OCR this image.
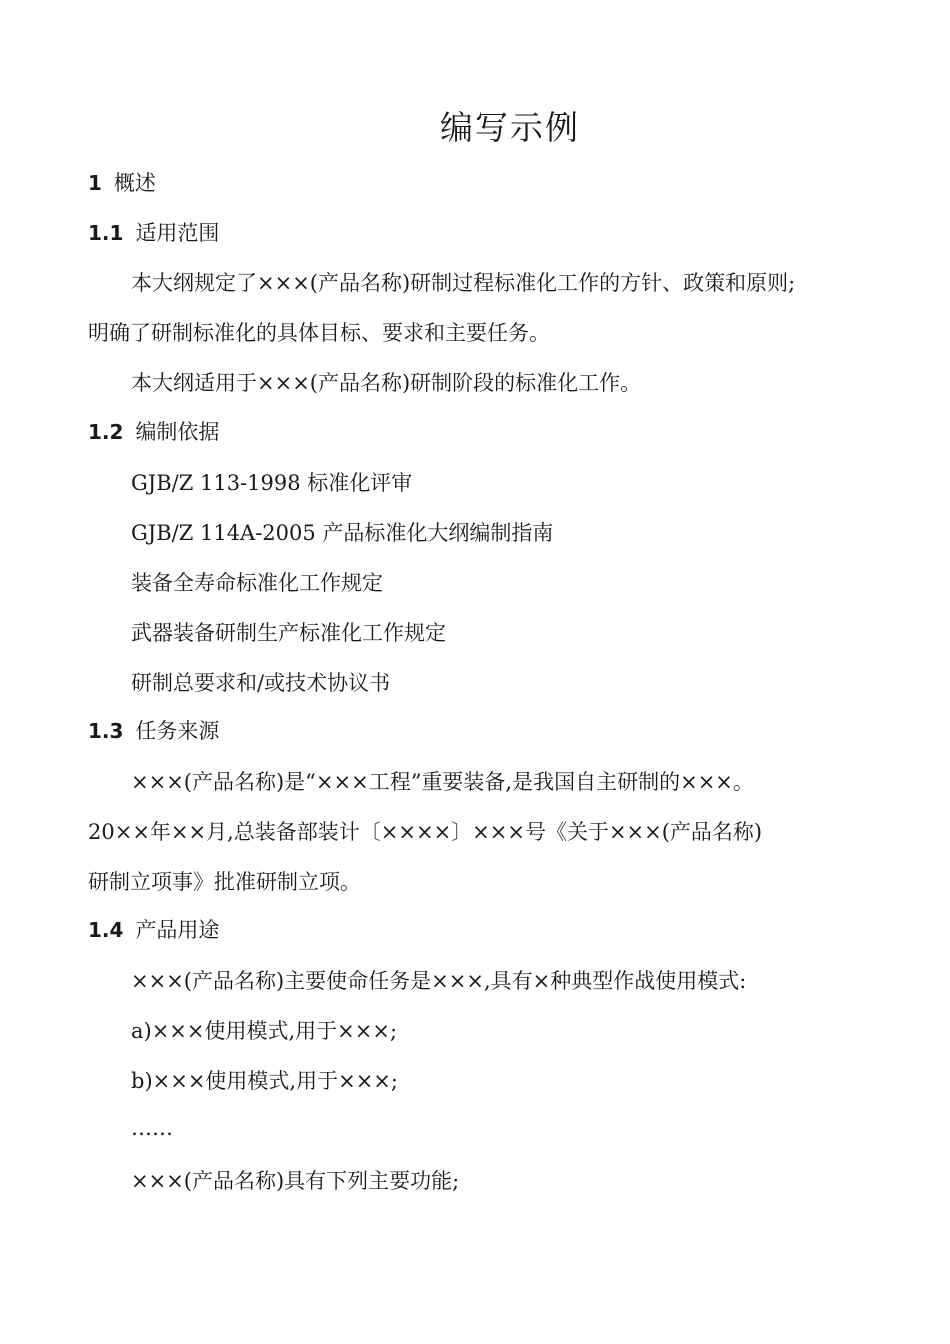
编写示例
1 概述
1.1 适用范围
本大纲规定了×××(产品名称)研制过程标准化工作的方针、政策和原则;
明确了研制标准化的具体目标、要求和主要任务。
本大纲适用于×××(产品名称)研制阶段的标准化工作。
1.2 编制依据
GJB/Z 113-1998 标准化评审
GJB/Z 114A-2005 产品标准化大纲编制指南
装备全寿命标准化工作规定
武器装备研制生产标准化工作规定
研制总要求和/或技术协议书
1.3 任务来源
×××(产品名称)是“×××工程”重要装备,是我国自主研制的×××。
20××年××月,总装备部装计〔××××〕×××号《关于×××(产品名称)
研制立项事》批准研制立项。
1.4 产品用途
×××(产品名称)主要使命任务是×××,具有×种典型作战使用模式:
a)×××使用模式,用于×××;
b)×××使用模式,用于×××;
……
×××(产品名称)具有下列主要功能;
